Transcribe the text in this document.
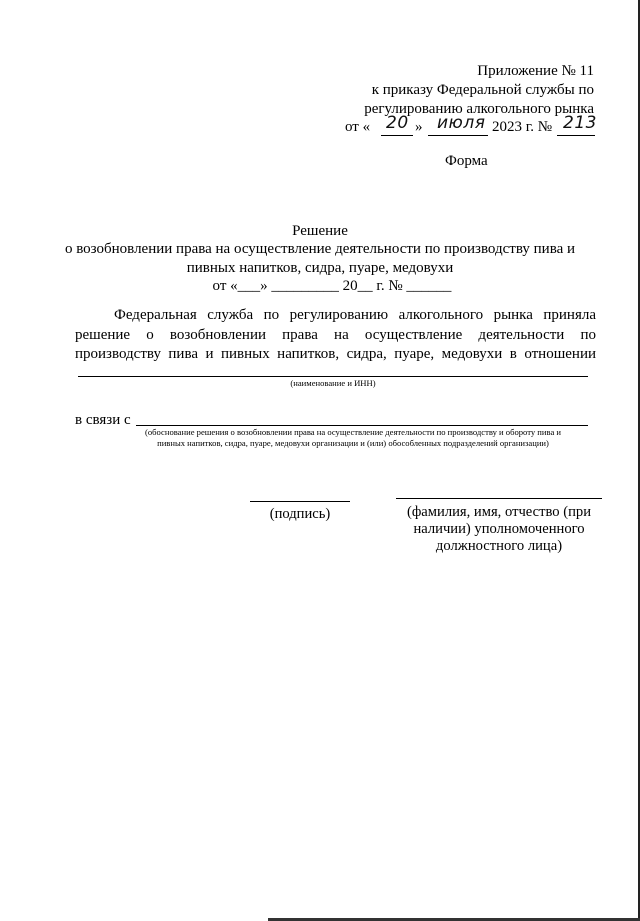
Приложение № 11
к приказу Федеральной службы по
регулированию алкогольного рынка
от « 20 » июля 2023 г. № 213
Форма
Решение
о возобновлении права на осуществление деятельности по производству пива и
пивных напитков, сидра, пуаре, медовухи
от «___» _________ 20__ г. № ______
Федеральная служба по регулированию алкогольного рынка приняла
решение о возобновлении права на осуществление деятельности по
производству пива и пивных напитков, сидра, пуаре, медовухи в отношении
(наименование и ИНН)
в связи с
(обоснование решения о возобновлении права на осуществление деятельности по производству и обороту пива и
пивных напитков, сидра, пуаре, медовухи организации и (или) обособленных подразделений организации)
(подпись)	(фамилия, имя, отчество (при
наличии) уполномоченного
должностного лица)
